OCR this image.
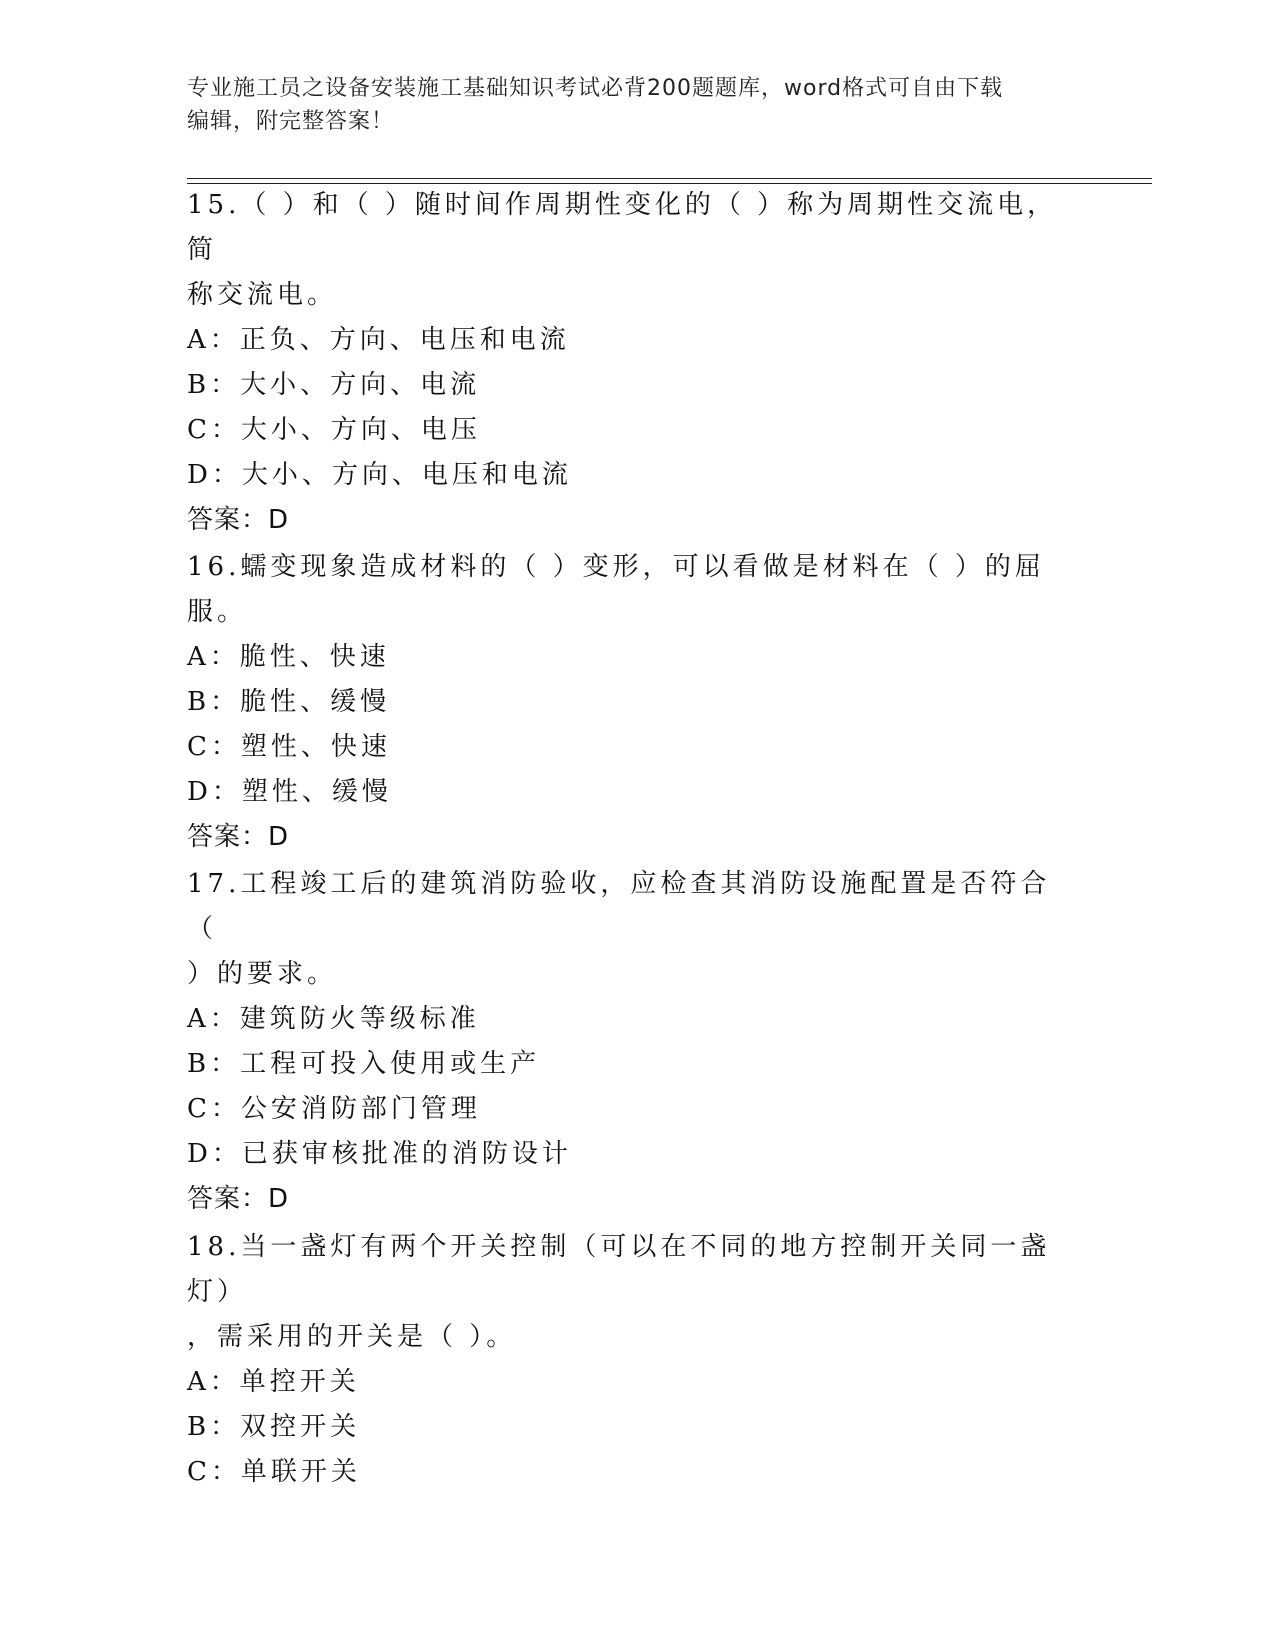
专业施工员之设备安装施工基础知识考试必背200题题库，word格式可自由下载
编辑，附完整答案！
15.（ ）和（ ）随时间作周期性变化的（ ）称为周期性交流电，简
称交流电。
A：正负、方向、电压和电流
B：大小、方向、电流
C：大小、方向、电压
D：大小、方向、电压和电流
答案：D
16.蠕变现象造成材料的（ ）变形，可以看做是材料在（ ）的屈服。
A：脆性、快速
B：脆性、缓慢
C：塑性、快速
D：塑性、缓慢
答案：D
17.工程竣工后的建筑消防验收，应检查其消防设施配置是否符合（
）的要求。
A：建筑防火等级标准
B：工程可投入使用或生产
C：公安消防部门管理
D：已获审核批准的消防设计
答案：D
18.当一盏灯有两个开关控制（可以在不同的地方控制开关同一盏灯）
，需采用的开关是（ ）。
A：单控开关
B：双控开关
C：单联开关
